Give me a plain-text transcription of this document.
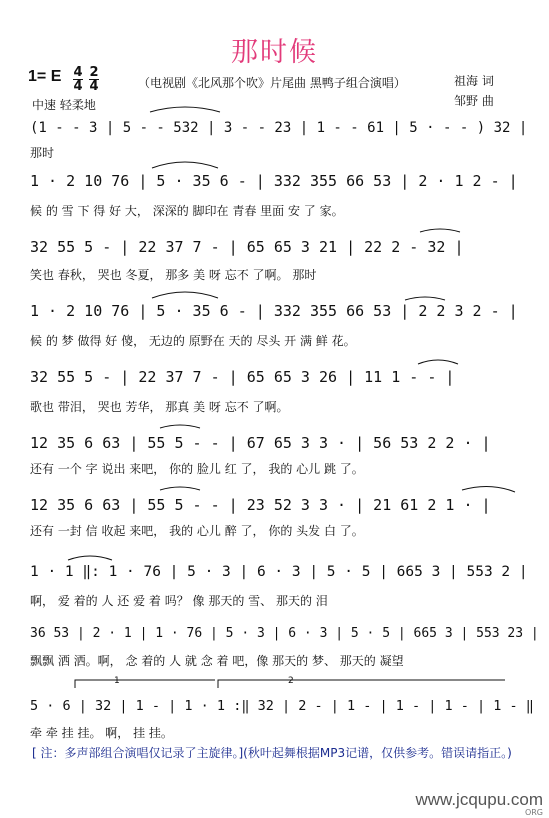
那时候
1= E 4
4
2
4
中速 轻柔地
（电视剧《北风那个吹》片尾曲 黑鸭子组合演唱）	祖海 词
邹野 曲
(1 - - 3 | 5 - - 532 | 3 - - 23 | 1 - - 61 | 5 · - - ) 32 |
那时
1 · 2 10 76 | 5 · 35 6 - | 332 355 66 53 | 2 · 1 2 - |
候 的 雪 下 得 好 大， 深深的 脚印在 青春 里面 安 了 家。
32 55 5 - | 22 37 7 - | 65 65 3 21 | 22 2 - 32 |
笑也 春秋， 哭也 冬夏， 那多 美 呀 忘不 了啊。 那时
1 · 2 10 76 | 5 · 35 6 - | 332 355 66 53 | 2 2 3 2 - |
候 的 梦 做得 好 傻， 无边的 原野在 天的 尽头 开 满 鲜 花。
32 55 5 - | 22 37 7 - | 65 65 3 26 | 11 1 - - |
歌也 带泪， 哭也 芳华， 那真 美 呀 忘不 了啊。
12 35 6 63 | 55 5 - - | 67 65 3 3 · | 56 53 2 2 · |
还有 一个 字 说出 来吧， 你的 脸儿 红 了， 我的 心儿 跳 了。
12 35 6 63 | 55 5 - - | 23 52 3 3 · | 21 61 2 1 · |
还有 一封 信 收起 来吧， 我的 心儿 醉 了， 你的 头发 白 了。
1 · 1 ‖: 1 · 76 | 5 · 3 | 6 · 3 | 5 · 5 | 665 3 | 553 2 |
啊， 爱 着的 人 还 爱 着 吗？ 像 那天的 雪、 那天的 泪
36 53 | 2 · 1 | 1 · 76 | 5 · 3 | 6 · 3 | 5 · 5 | 665 3 | 553 23 |
飘飘 洒 洒。啊， 念 着的 人 就 念 着 吧，像 那天的 梦、 那天的 凝望
5 · 6 | 32 | 1 - | 1 · 1 :‖ 32 | 2 - | 1 - | 1 - | 1 - | 1 - ‖
牵 牵 挂 挂。 啊， 挂 挂。
1	2
[ 注：多声部组合演唱仅记录了主旋律。](秋叶起舞根据MP3记谱，仅供参考。错误请指正。)
www.jcqupu.com
ORG
